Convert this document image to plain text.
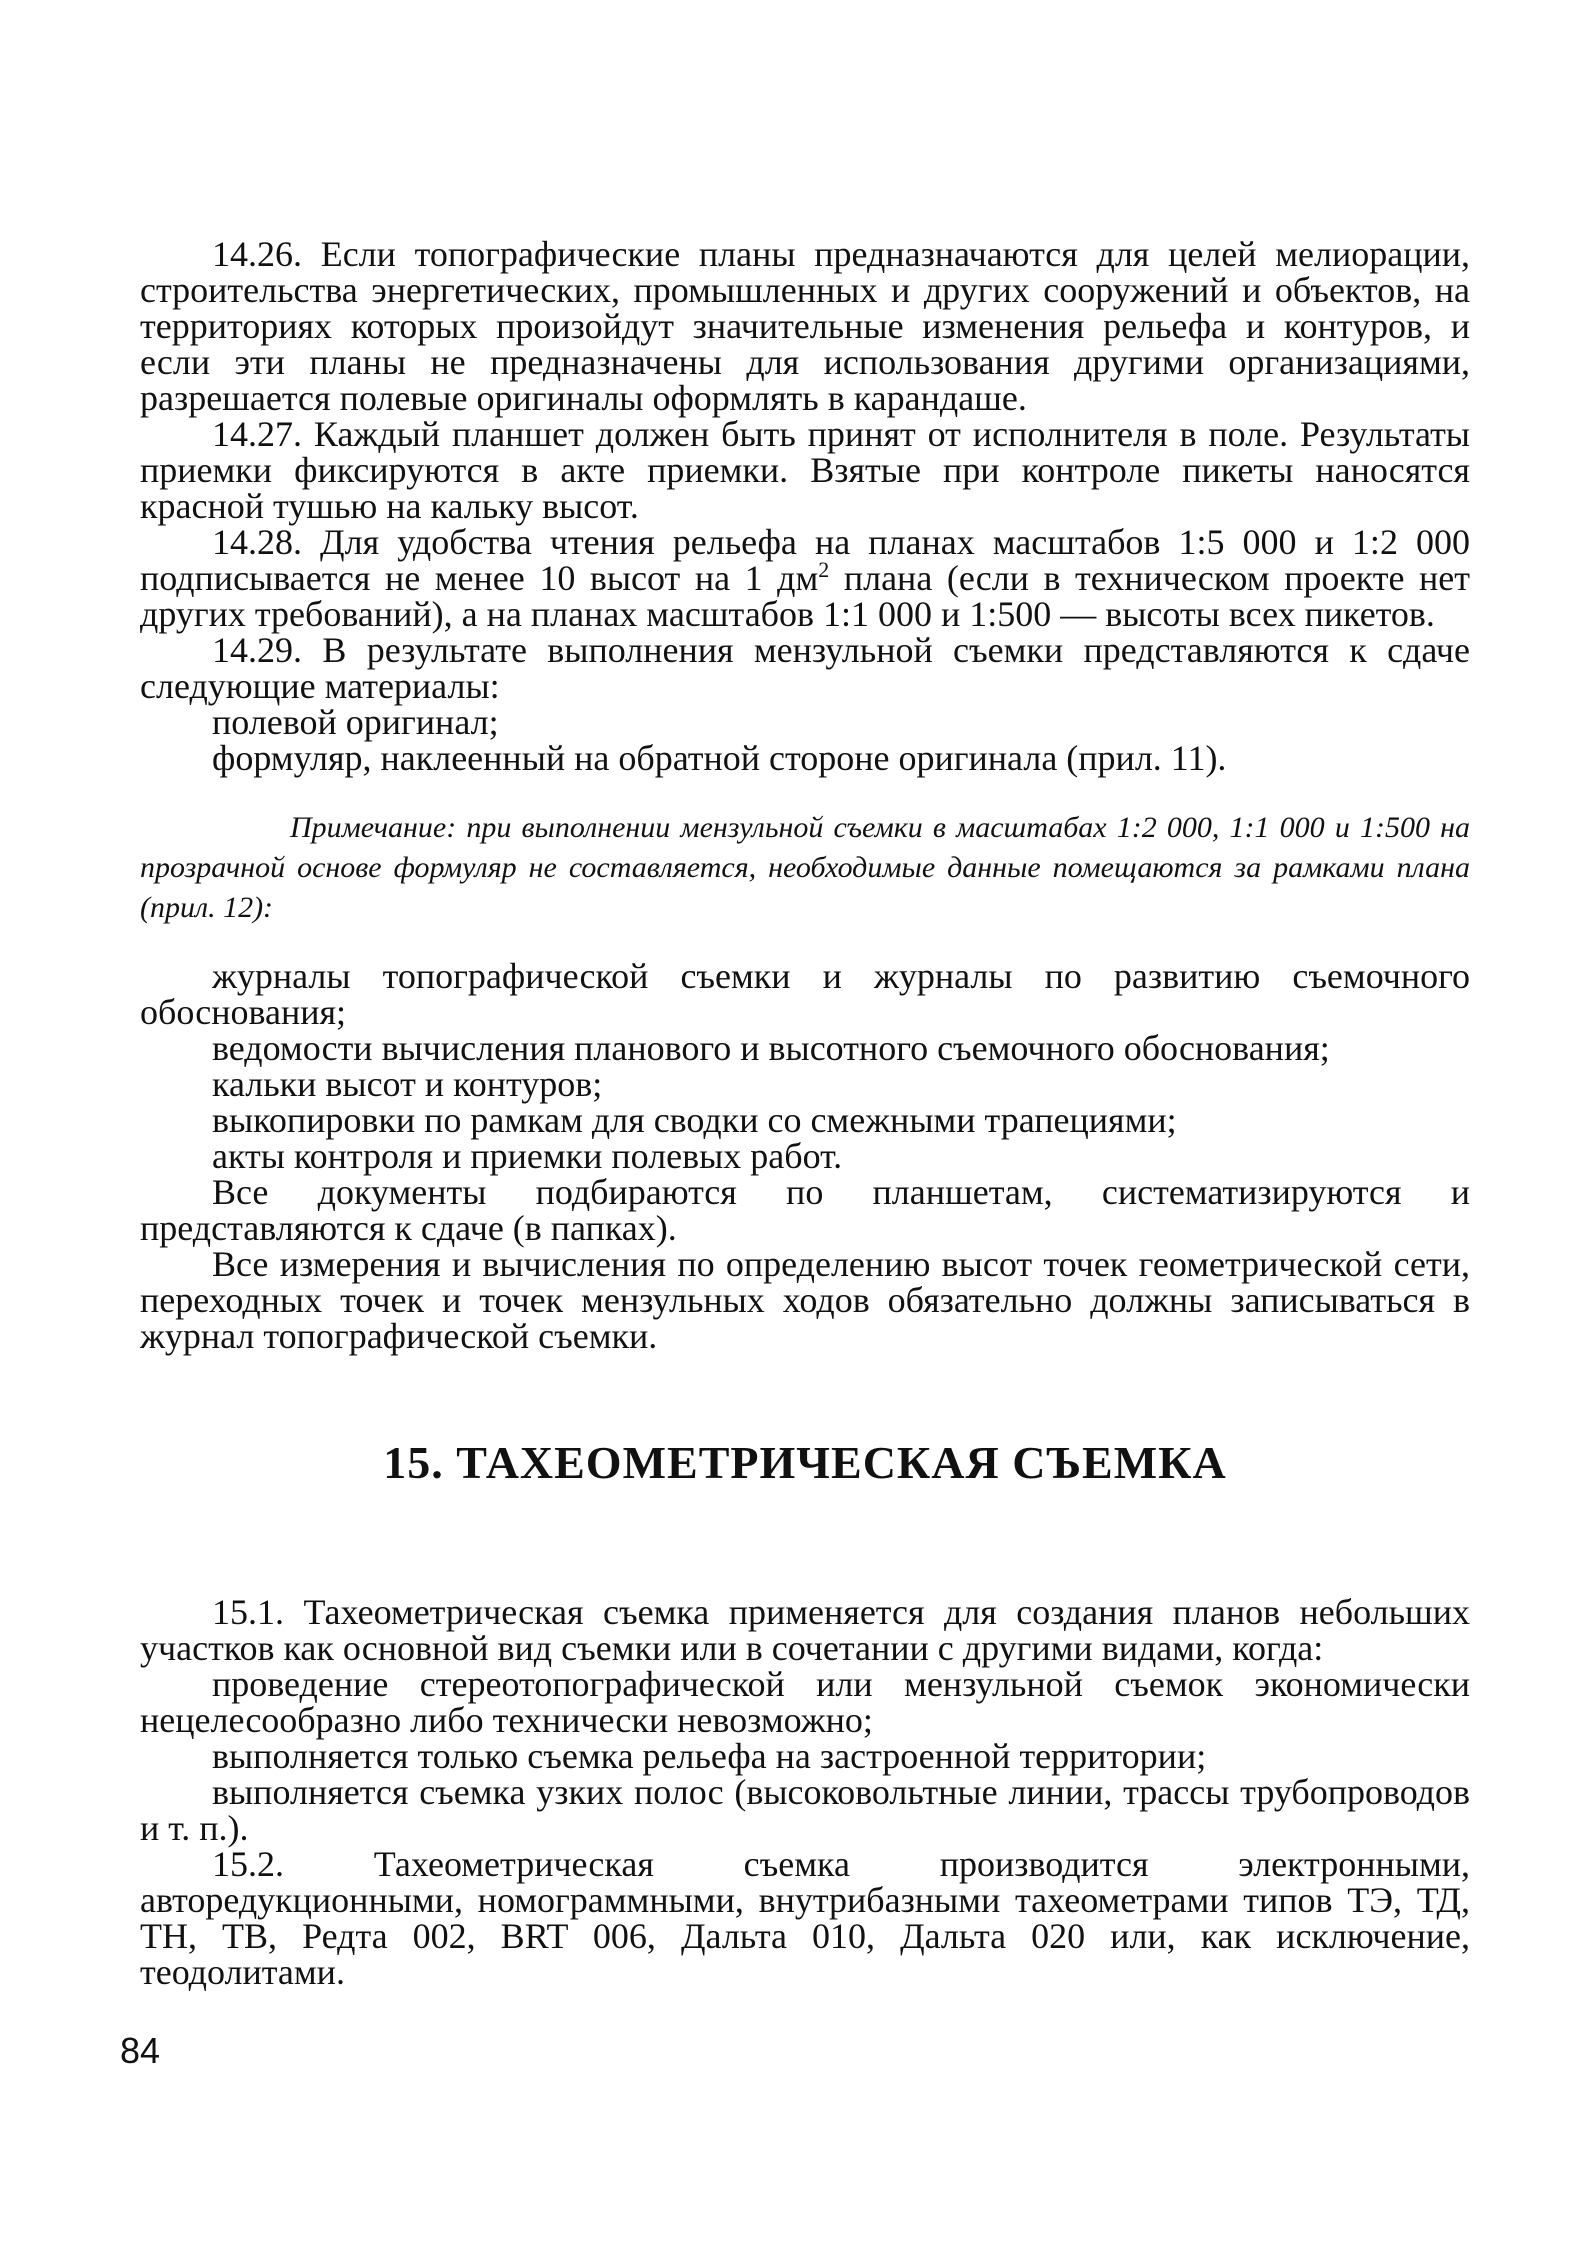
14.26. Если топографические планы предназначаются для целей мелиорации, строительства энергетических, промышленных и других сооружений и объектов, на территориях которых произойдут значительные изменения рельефа и контуров, и если эти планы не предназначены для использования другими организациями, разрешается полевые оригиналы оформлять в карандаше.

14.27. Каждый планшет должен быть принят от исполнителя в поле. Результаты приемки фиксируются в акте приемки. Взятые при контроле пикеты наносятся красной тушью на кальку высот.

14.28. Для удобства чтения рельефа на планах масштабов 1:5 000 и 1:2 000 подписывается не менее 10 высот на 1 $дм^2$ плана (если в техническом проекте нет других требований), а на планах масштабов 1:1 000 и 1:500 — высоты всех пикетов.

14.29. В результате выполнения мензульной съемки представляются к сдаче следующие материалы:

полевой оригинал;

формуляр, наклеенный на обратной стороне оригинала (прил. 11).

Примечание: при выполнении мензульной съемки в масштабах 1:2 000, 1:1 000 и 1:500 на прозрачной основе формуляр не составляется, необходимые данные помещаются за рамками плана (прил. 12):

журналы топографической съемки и журналы по развитию съемочного обоснования;

ведомости вычисления планового и высотного съемочного обоснования;

кальки высот и контуров;

выкопировки по рамкам для сводки со смежными трапециями;

акты контроля и приемки полевых работ.

Все документы подбираются по планшетам, систематизируются и представляются к сдаче (в папках).

Все измерения и вычисления по определению высот точек геометрической сети, переходных точек и точек мензульных ходов обязательно должны записываться в журнал топографической съемки.

15. ТАХЕОМЕТРИЧЕСКАЯ СЪЕМКА

15.1. Тахеометрическая съемка применяется для создания планов небольших участков как основной вид съемки или в сочетании с другими видами, когда:

проведение стереотопографической или мензульной съемок экономически нецелесообразно либо технически невозможно;

выполняется только съемка рельефа на застроенной территории;

выполняется съемка узких полос (высоковольтные линии, трассы трубопроводов и т. п.).

15.2. Тахеометрическая съемка производится электронными, авторедукционными, номограммными, внутрибазными тахеометрами типов ТЭ, ТД, ТН, ТВ, Редта 002, BRT 006, Дальта 010, Дальта 020 или, как исключение, теодолитами.

84
